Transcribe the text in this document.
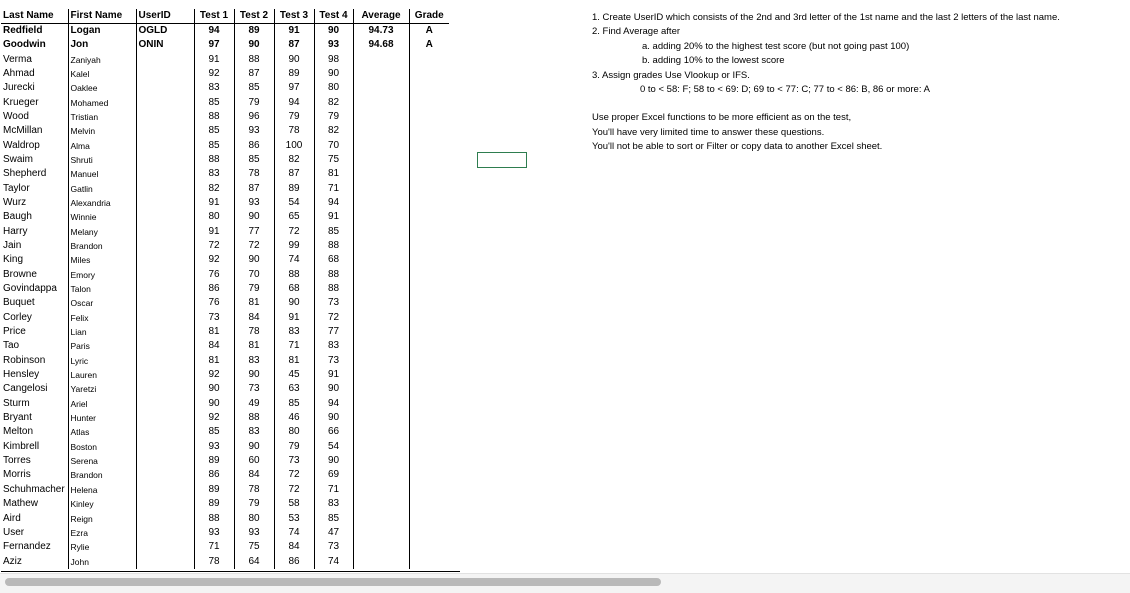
Last Name	First Name	UserID	Test 1	Test 2	Test 3	Test 4	Average	Grade
Redfield	Logan	OGLD	94	89	91	90	94.73	A
Goodwin	Jon	ONIN	97	90	87	93	94.68	A
Verma	Zaniyah		91	88	90	98		
Ahmad	Kalel		92	87	89	90		
Jurecki	Oaklee		83	85	97	80		
Krueger	Mohamed		85	79	94	82		
Wood	Tristian		88	96	79	79		
McMillan	Melvin		85	93	78	82		
Waldrop	Alma		85	86	100	70		
Swaim	Shruti		88	85	82	75		
Shepherd	Manuel		83	78	87	81		
Taylor	Gatlin		82	87	89	71		
Wurz	Alexandria		91	93	54	94		
Baugh	Winnie		80	90	65	91		
Harry	Melany		91	77	72	85		
Jain	Brandon		72	72	99	88		
King	Miles		92	90	74	68		
Browne	Emory		76	70	88	88		
Govindappa	Talon		86	79	68	88		
Buquet	Oscar		76	81	90	73		
Corley	Felix		73	84	91	72		
Price	Lian		81	78	83	77		
Tao	Paris		84	81	71	83		
Robinson	Lyric		81	83	81	73		
Hensley	Lauren		92	90	45	91		
Cangelosi	Yaretzi		90	73	63	90		
Sturm	Ariel		90	49	85	94		
Bryant	Hunter		92	88	46	90		
Melton	Atlas		85	83	80	66		
Kimbrell	Boston		93	90	79	54		
Torres	Serena		89	60	73	90		
Morris	Brandon		86	84	72	69		
Schuhmacher	Helena		89	78	72	71		
Mathew	Kinley		89	79	58	83		
Aird	Reign		88	80	53	85		
User	Ezra		93	93	74	47		
Fernandez	Rylie		71	75	84	73		
Aziz	John		78	64	86	74		
1. Create UserID which consists of the 2nd and 3rd letter of the 1st name and the last 2 letters of the last name.
2. Find Average after
a. adding 20% to the highest test score (but not going past 100)
b. adding 10% to the lowest score
3. Assign grades Use Vlookup or IFS.
0 to < 58: F; 58 to < 69: D; 69 to < 77: C; 77 to < 86: B, 86 or more: A
Use proper Excel functions to be more efficient as on the test,
You'll have very limited time to answer these questions.
You'll not be able to sort or Filter or copy data to another Excel sheet.
